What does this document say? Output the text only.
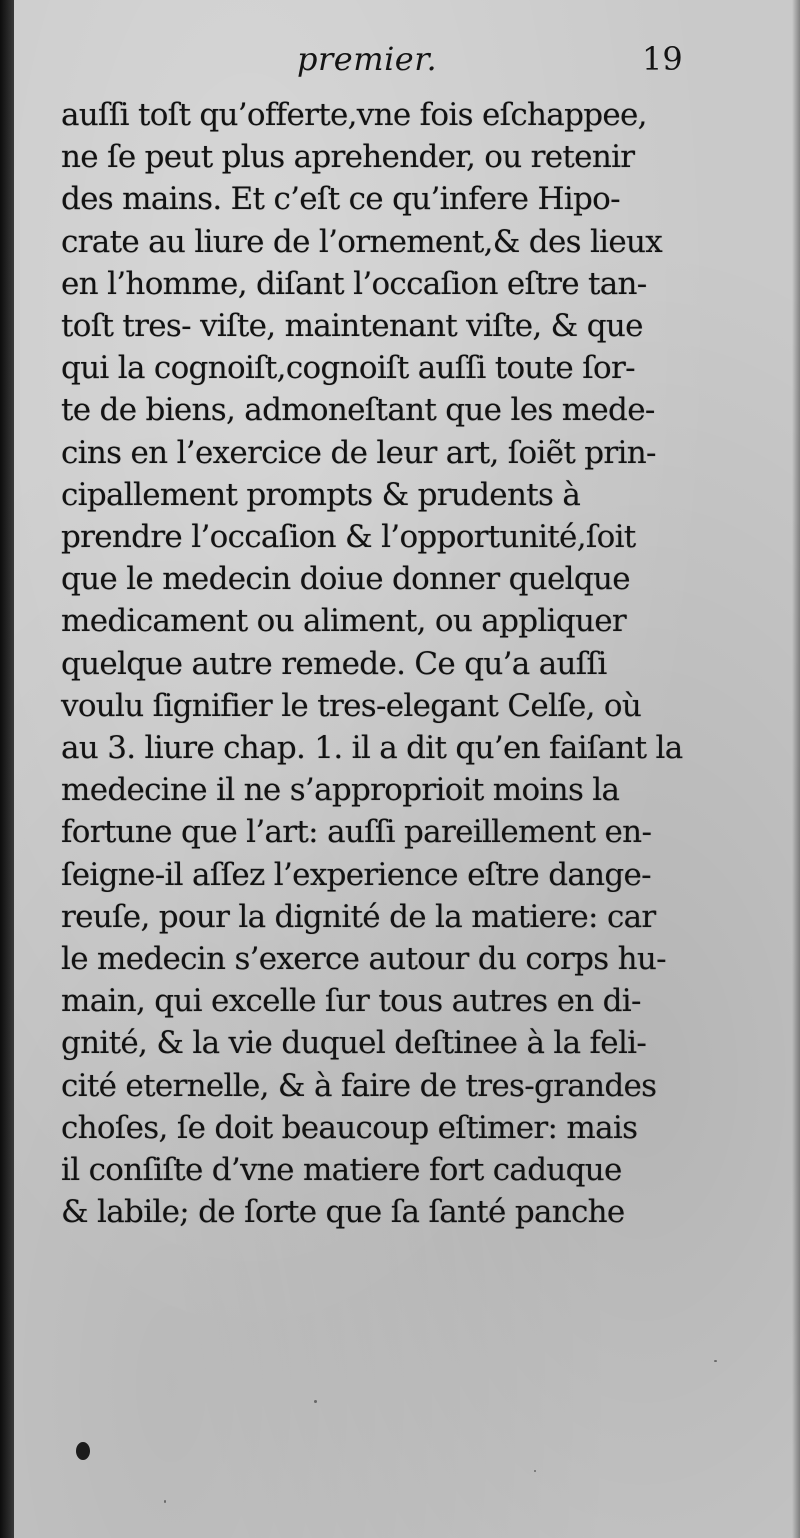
premier.	19
auſſi toſt qu’offerte,vne fois eſchappee,
ne ſe peut plus aprehender, ou retenir
des mains. Et c’eſt ce qu’infere Hipo-
crate au liure de l’ornement,& des lieux
en l’homme, diſant l’occaſion eſtre tan-
toſt tres- viſte, maintenant viſte, & que
qui la cognoiſt,cognoiſt auſſi toute ſor-
te de biens, admoneſtant que les mede-
cins en l’exercice de leur art, ſoiẽt prin-
cipallement prompts & prudents à
prendre l’occaſion & l’opportunité,ſoit
que le medecin doiue donner quelque
medicament ou aliment, ou appliquer
quelque autre remede. Ce qu’a auſſi
voulu ſignifier le tres-elegant Celſe, où
au 3. liure chap. 1. il a dit qu’en faiſant la
medecine il ne s’approprioit moins la
fortune que l’art: auſſi pareillement en-
ſeigne-il aſſez l’experience eſtre dange-
reuſe, pour la dignité de la matiere: car
le medecin s’exerce autour du corps hu-
main, qui excelle ſur tous autres en di-
gnité, & la vie duquel deſtinee à la feli-
cité eternelle, & à faire de tres-grandes
choſes, ſe doit beaucoup eſtimer: mais
il conſiſte d’vne matiere fort caduque
& labile; de ſorte que ſa ſanté panche
